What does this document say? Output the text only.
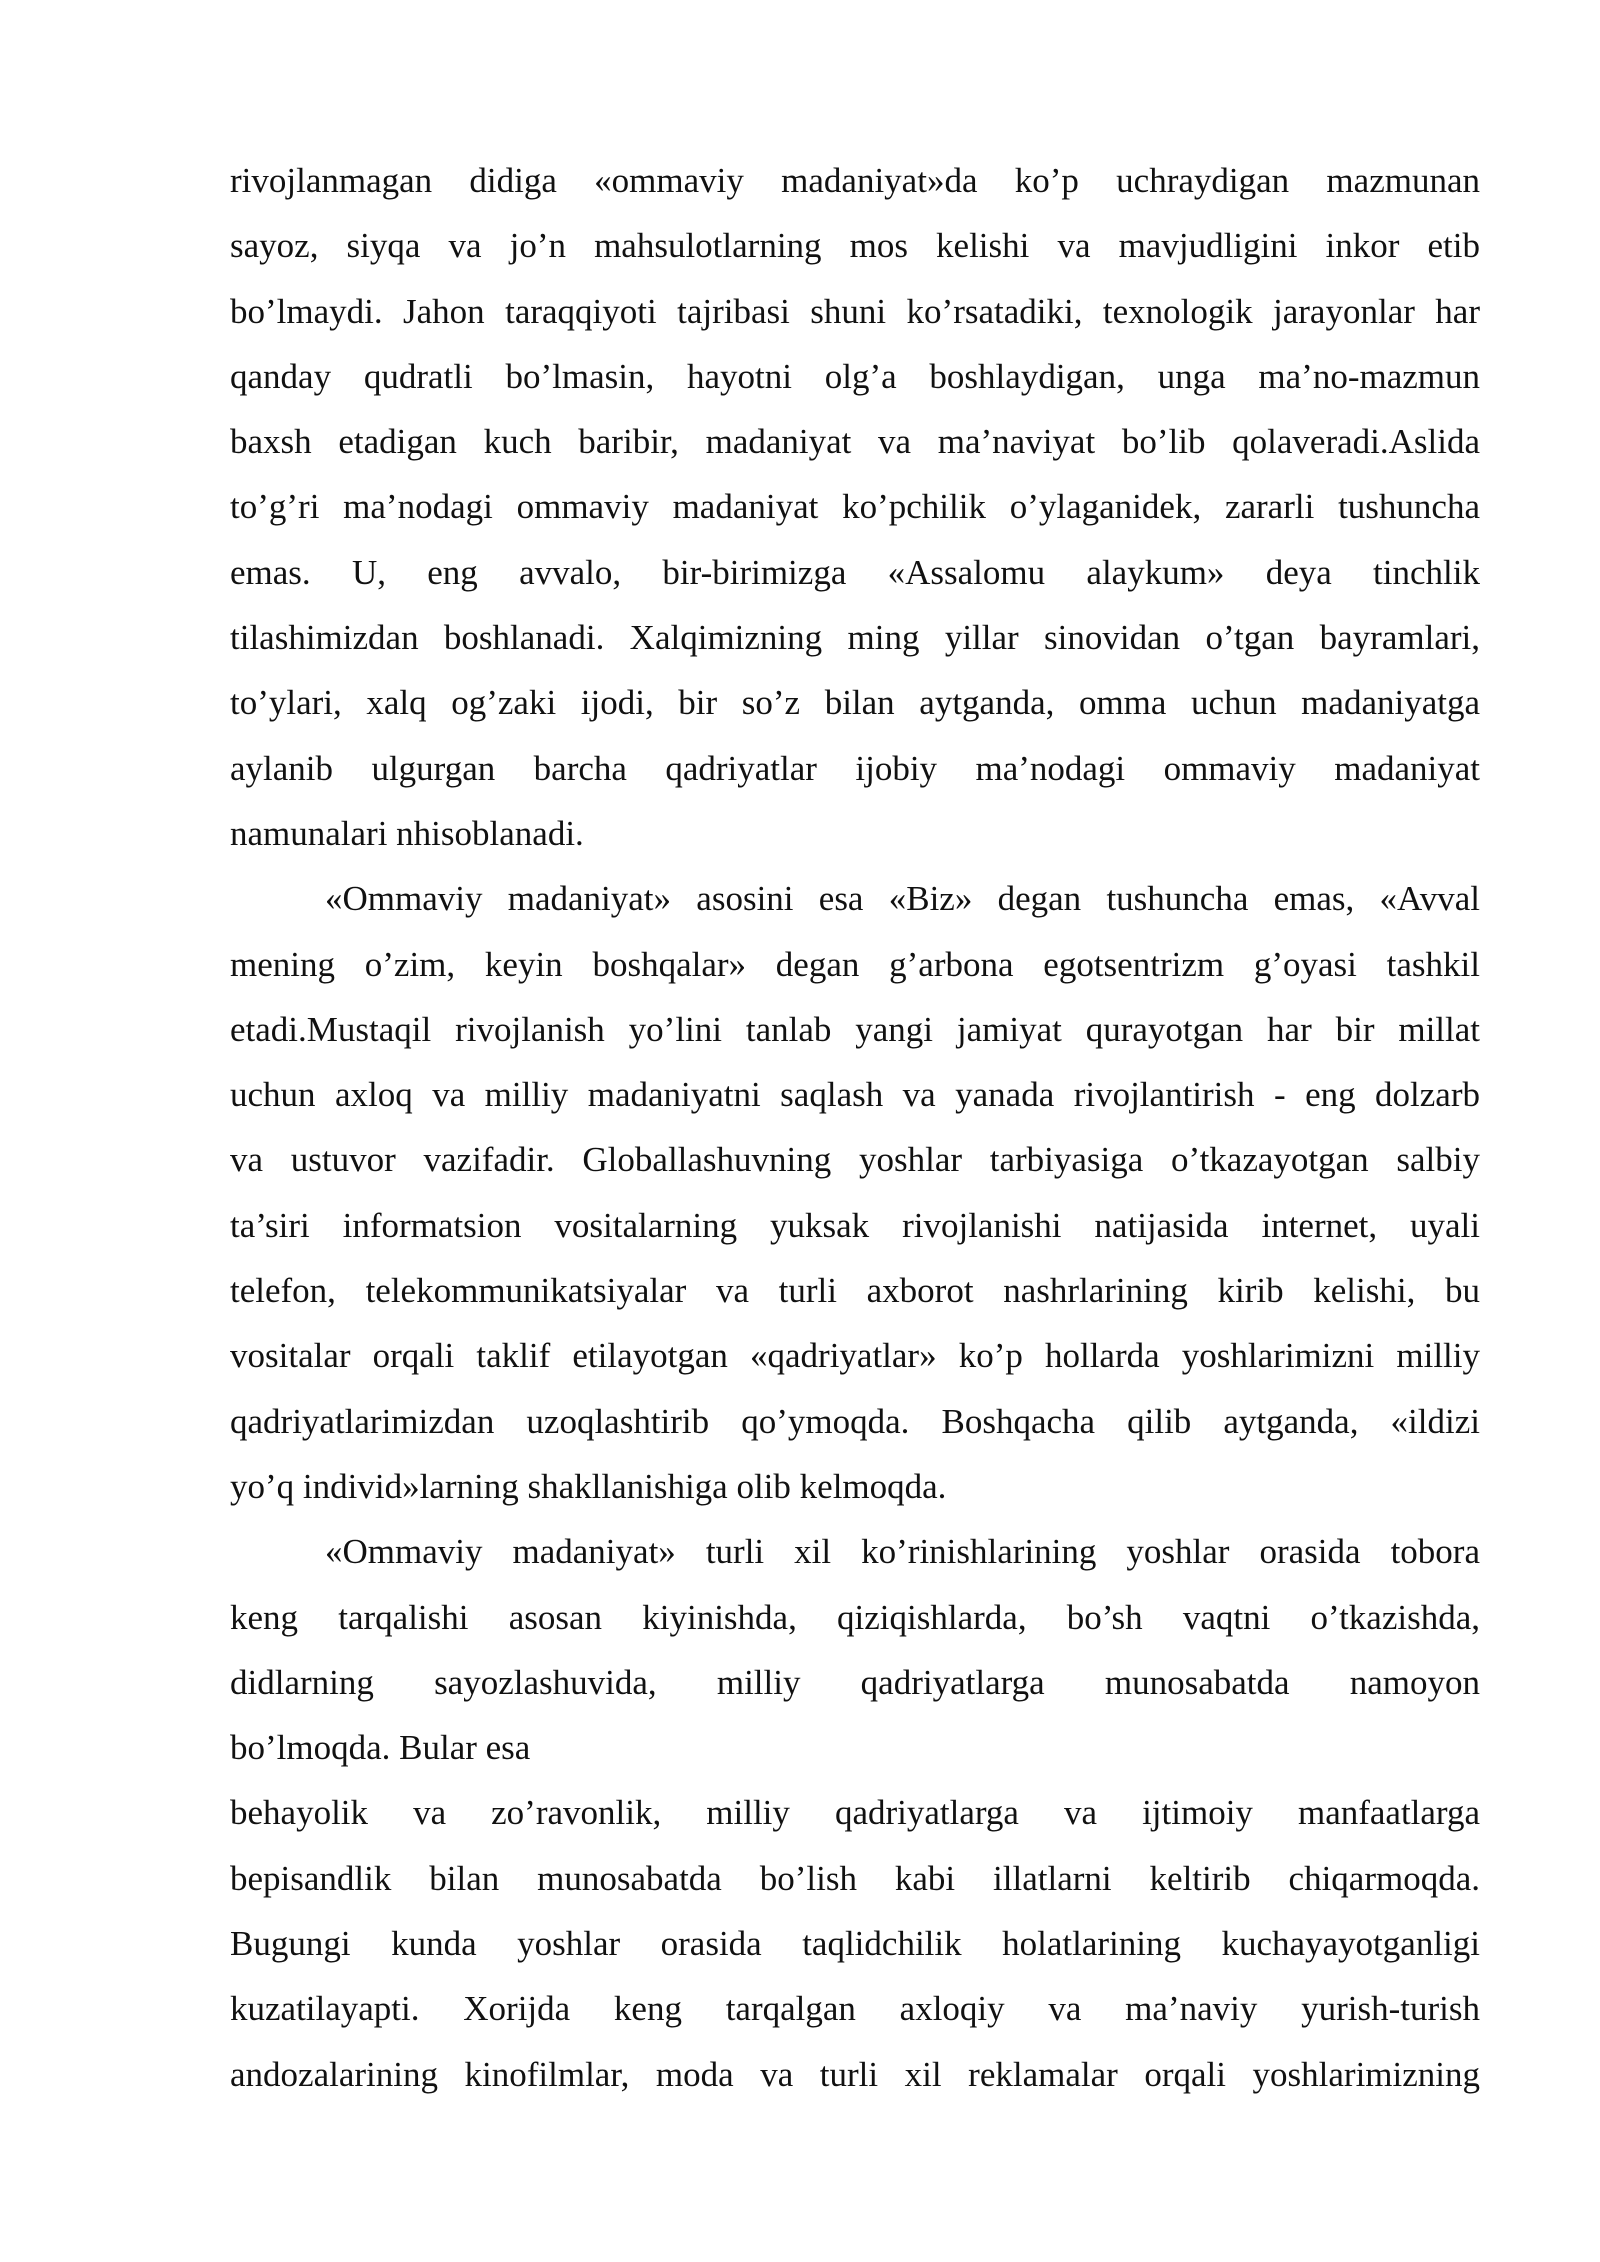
rivojlanmagan didiga «ommaviy madaniyat»da ko’p uchraydigan mazmunan
sayoz, siyqa va jo’n mahsulotlarning mos kelishi va mavjudligini inkor etib
bo’lmaydi. Jahon taraqqiyoti tajribasi shuni ko’rsatadiki, texnologik jarayonlar har
qanday qudratli bo’lmasin, hayotni olg’a boshlaydigan, unga ma’no-mazmun
baxsh etadigan kuch baribir, madaniyat va ma’naviyat bo’lib qolaveradi.Aslida
to’g’ri ma’nodagi ommaviy madaniyat ko’pchilik o’ylaganidek, zararli tushuncha
emas. U, eng avvalo, bir-birimizga «Assalomu alaykum» deya tinchlik
tilashimizdan boshlanadi. Xalqimizning ming yillar sinovidan o’tgan bayramlari,
to’ylari, xalq og’zaki ijodi, bir so’z bilan aytganda, omma uchun madaniyatga
aylanib ulgurgan barcha qadriyatlar ijobiy ma’nodagi ommaviy madaniyat
namunalari nhisoblanadi.
«Ommaviy madaniyat» asosini esa «Biz» degan tushuncha emas, «Avval
mening o’zim, keyin boshqalar» degan g’arbona egotsentrizm g’oyasi tashkil
etadi.Mustaqil rivojlanish yo’lini tanlab yangi jamiyat qurayotgan har bir millat
uchun axloq va milliy madaniyatni saqlash va yanada rivojlantirish - eng dolzarb
va ustuvor vazifadir. Globallashuvning yoshlar tarbiyasiga o’tkazayotgan salbiy
ta’siri informatsion vositalarning yuksak rivojlanishi natijasida internet, uyali
telefon, telekommunikatsiyalar va turli axborot nashrlarining kirib kelishi, bu
vositalar orqali taklif etilayotgan «qadriyatlar» ko’p hollarda yoshlarimizni milliy
qadriyatlarimizdan uzoqlashtirib qo’ymoqda. Boshqacha qilib aytganda, «ildizi
yo’q individ»larning shakllanishiga olib kelmoqda.
«Ommaviy madaniyat» turli xil ko’rinishlarining yoshlar orasida tobora
keng tarqalishi asosan kiyinishda, qiziqishlarda, bo’sh vaqtni o’tkazishda,
didlarning sayozlashuvida, milliy qadriyatlarga munosabatda namoyon
bo’lmoqda. Bular esa
behayolik va zo’ravonlik, milliy qadriyatlarga va ijtimoiy manfaatlarga
bepisandlik bilan munosabatda bo’lish kabi illatlarni keltirib chiqarmoqda.
Bugungi kunda yoshlar orasida taqlidchilik holatlarining kuchayayotganligi
kuzatilayapti. Xorijda keng tarqalgan axloqiy va ma’naviy yurish-turish
andozalarining kinofilmlar, moda va turli xil reklamalar orqali yoshlarimizning
